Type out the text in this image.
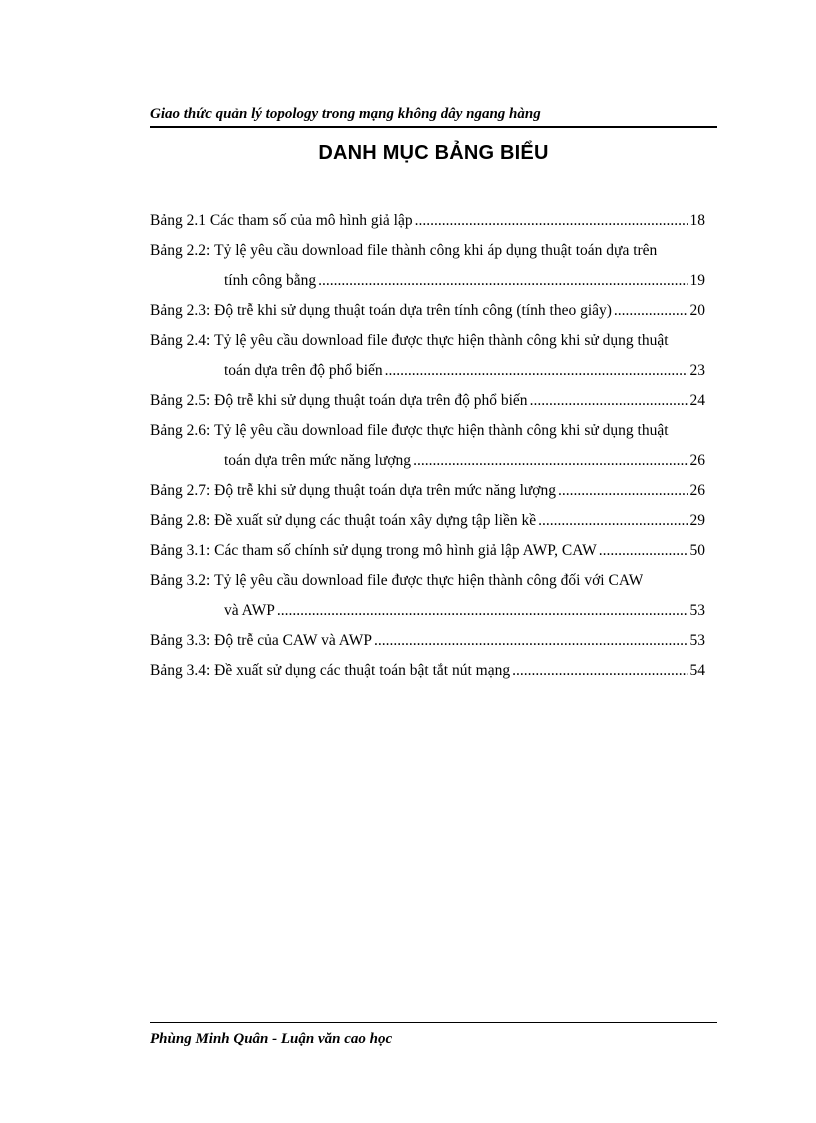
Giao thức quản lý topology trong mạng không dây ngang hàng
DANH MỤC BẢNG BIỂU
Bảng 2.1 Các tham số của mô hình giả lập .....	18
Bảng 2.2: Tỷ lệ yêu cầu download file thành công khi áp dụng thuật toán dựa trên
tính công bằng .....	19
Bảng 2.3: Độ trễ khi sử dụng thuật toán dựa trên tính công (tính theo giây) .....	20
Bảng 2.4: Tỷ lệ yêu cầu download file được thực hiện thành công khi sử dụng thuật
toán dựa trên độ phổ biến .....	23
Bảng 2.5: Độ trễ khi sử dụng thuật toán dựa trên độ phổ biến .....	24
Bảng 2.6: Tỷ lệ yêu cầu download file được thực hiện thành công khi sử dụng thuật
toán dựa trên mức năng lượng .....	26
Bảng 2.7: Độ trễ khi sử dụng thuật toán dựa trên mức năng lượng .....	26
Bảng 2.8: Đề xuất sử dụng các thuật toán xây dựng tập liền kề .....	29
Bảng 3.1: Các tham số chính sử dụng trong mô hình giả lập AWP, CAW .....	50
Bảng 3.2: Tỷ lệ yêu cầu download file được thực hiện thành công đối với CAW
và AWP .....	53
Bảng 3.3: Độ trễ của CAW và AWP .....	53
Bảng 3.4: Đề xuất sử dụng các thuật toán bật tắt nút mạng .....	54
Phùng Minh Quân - Luận văn cao học
